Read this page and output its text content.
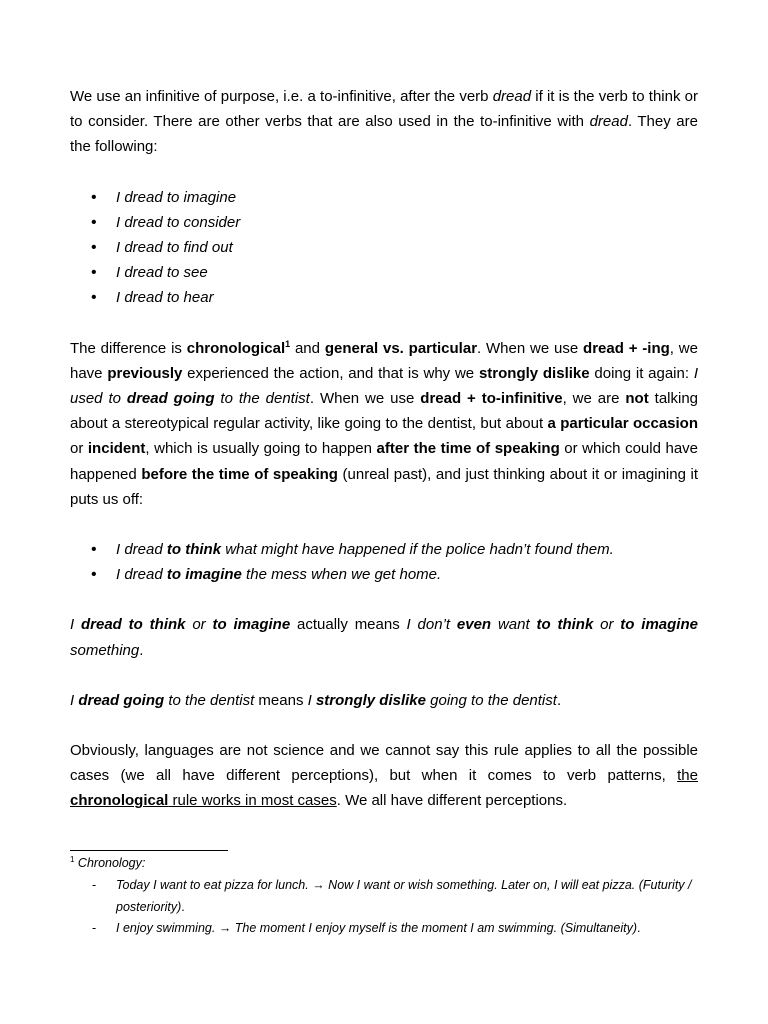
We use an infinitive of purpose, i.e. a to-infinitive, after the verb dread if it is the verb to think or to consider. There are other verbs that are also used in the to-infinitive with dread. They are the following:

• I dread to imagine
• I dread to consider
• I dread to find out
• I dread to see
• I dread to hear

The difference is chronological$^1$ and general vs. particular. When we use dread + -ing, we have previously experienced the action, and that is why we strongly dislike doing it again: I used to dread going to the dentist. When we use dread + to-infinitive, we are not talking about a stereotypical regular activity, like going to the dentist, but about a particular occasion or incident, which is usually going to happen after the time of speaking or which could have happened before the time of speaking (unreal past), and just thinking about it or imagining it puts us off:

• I dread to think what might have happened if the police hadn’t found them.
• I dread to imagine the mess when we get home.

I dread to think or to imagine actually means I don’t even want to think or to imagine something.

I dread going to the dentist means I strongly dislike going to the dentist.

Obviously, languages are not science and we cannot say this rule applies to all the possible cases (we all have different perceptions), but when it comes to verb patterns, the chronological rule works in most cases. We all have different perceptions.

$^1$ Chronology:
- Today I want to eat pizza for lunch. → Now I want or wish something. Later on, I will eat pizza. (Futurity / posteriority).
- I enjoy swimming. → The moment I enjoy myself is the moment I am swimming. (Simultaneity).
